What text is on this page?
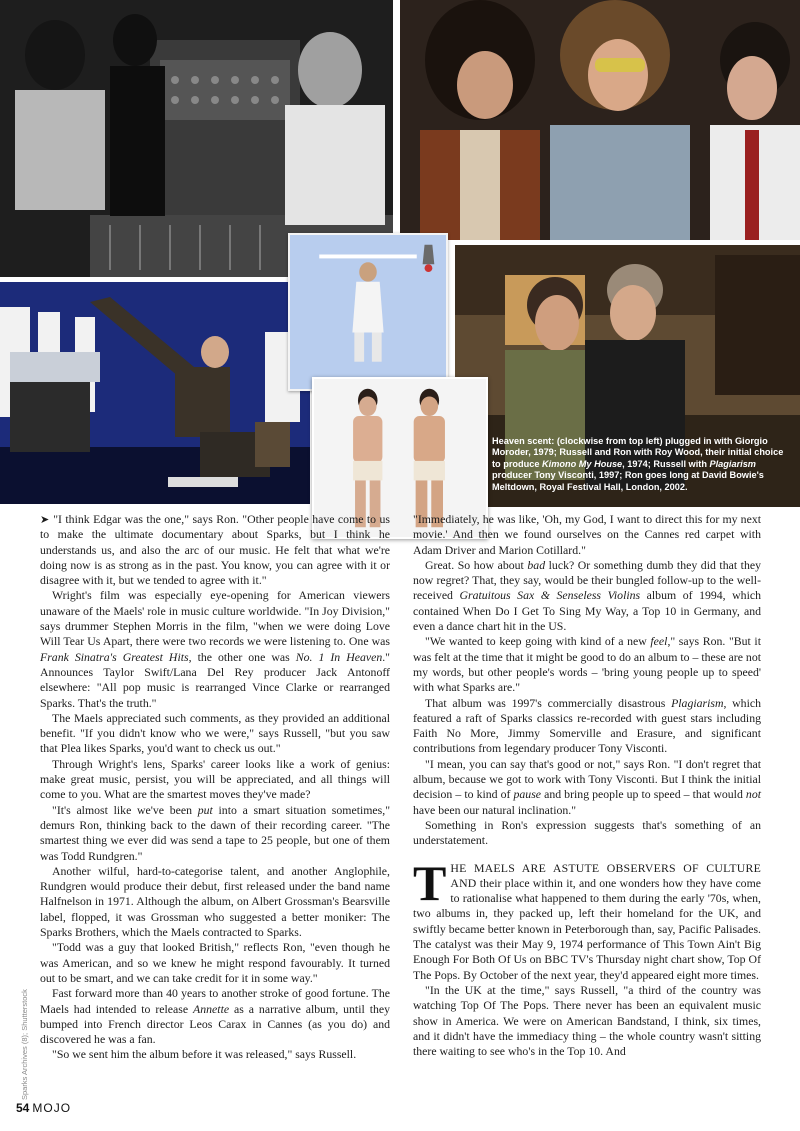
Heaven scent: (clockwise from top left) plugged in with Giorgio Moroder, 1979; Russell and Ron with Roy Wood, their initial choice to produce Kimono My House, 1974; Russell with Plagiarism producer Tony Visconti, 1997; Ron goes long at David Bowie's Meltdown, Royal Festival Hall, London, 2002.

➤ "I think Edgar was the one," says Ron. "Other people have come to us to make the ultimate documentary about Sparks, but I think he understands us, and also the arc of our music. He felt that what we're doing now is as strong as in the past. You know, you can agree with it or disagree with it, but we tended to agree with it."

Wright's film was especially eye-opening for American viewers unaware of the Maels' role in music culture worldwide. "In Joy Division," says drummer Stephen Morris in the film, "when we were doing Love Will Tear Us Apart, there were two records we were listening to. One was Frank Sinatra's Greatest Hits, the other one was No. 1 In Heaven." Announces Taylor Swift/Lana Del Rey producer Jack Antonoff elsewhere: "All pop music is rearranged Vince Clarke or rearranged Sparks. That's the truth."

The Maels appreciated such comments, as they provided an additional benefit. "If you didn't know who we were," says Russell, "but you saw that Plea likes Sparks, you'd want to check us out."

Through Wright's lens, Sparks' career looks like a work of genius: make great music, persist, you will be appreciated, and all things will come to you. What are the smartest moves they've made?

"It's almost like we've been put into a smart situation sometimes," demurs Ron, thinking back to the dawn of their recording career. "The smartest thing we ever did was send a tape to 25 people, but one of them was Todd Rundgren."

Another wilful, hard-to-categorise talent, and another Anglophile, Rundgren would produce their debut, first released under the band name Halfnelson in 1971. Although the album, on Albert Grossman's Bearsville label, flopped, it was Grossman who suggested a better moniker: The Sparks Brothers, which the Maels contracted to Sparks.

"Todd was a guy that looked British," reflects Ron, "even though he was American, and so we knew he might respond favourably. It turned out to be smart, and we can take credit for it in some way."

Fast forward more than 40 years to another stroke of good fortune. The Maels had intended to release Annette as a narrative album, until they bumped into French director Leos Carax in Cannes (as you do) and discovered he was a fan.

"So we sent him the album before it was released," says Russell.

"Immediately, he was like, 'Oh, my God, I want to direct this for my next movie.' And then we found ourselves on the Cannes red carpet with Adam Driver and Marion Cotillard."

Great. So how about bad luck? Or something dumb they did that they now regret? That, they say, would be their bungled follow-up to the well-received Gratuitous Sax & Senseless Violins album of 1994, which contained When Do I Get To Sing My Way, a Top 10 in Germany, and even a dance chart hit in the US.

"We wanted to keep going with kind of a new feel," says Ron. "But it was felt at the time that it might be good to do an album to – these are not my words, but other people's words – 'bring young people up to speed' with what Sparks are."

That album was 1997's commercially disastrous Plagiarism, which featured a raft of Sparks classics re-recorded with guest stars including Faith No More, Jimmy Somerville and Erasure, and significant contributions from legendary producer Tony Visconti.

"I mean, you can say that's good or not," says Ron. "I don't regret that album, because we got to work with Tony Visconti. But I think the initial decision – to kind of pause and bring people up to speed – that would not have been our natural inclination."

Something in Ron's expression suggests that's something of an understatement.

THE MAELS ARE ASTUTE OBSERVERS OF CULTURE AND their place within it, and one wonders how they have come to rationalise what happened to them during the early '70s, when, two albums in, they packed up, left their homeland for the UK, and swiftly became better known in Peterborough than, say, Pacific Palisades. The catalyst was their May 9, 1974 performance of This Town Ain't Big Enough For Both Of Us on BBC TV's Thursday night chart show, Top Of The Pops. By October of the next year, they'd appeared eight more times.

"In the UK at the time," says Russell, "a third of the country was watching Top Of The Pops. There never has been an equivalent music show in America. We were on American Bandstand, I think, six times, and it didn't have the immediacy thing – the whole country wasn't sitting there waiting to see who's in the Top 10. And

Sparks Archives (8); Shutterstock
54 MOJO
